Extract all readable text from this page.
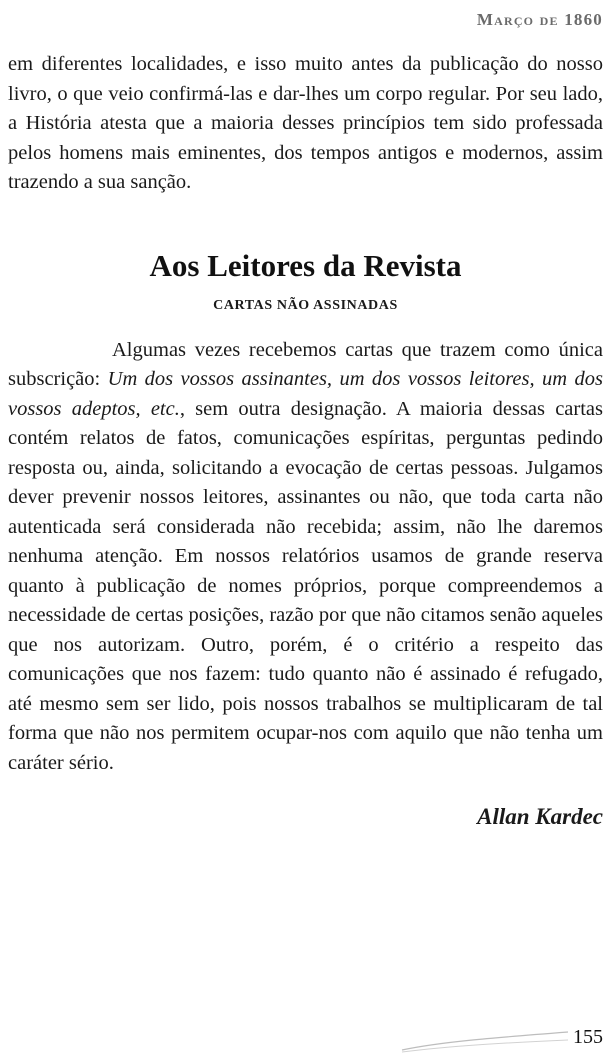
Março de 1860

em diferentes localidades, e isso muito antes da publicação do nosso livro, o que veio confirmá-las e dar-lhes um corpo regular. Por seu lado, a História atesta que a maioria desses princípios tem sido professada pelos homens mais eminentes, dos tempos antigos e modernos, assim trazendo a sua sanção.

Aos Leitores da Revista
CARTAS NÃO ASSINADAS

Algumas vezes recebemos cartas que trazem como única subscrição: Um dos vossos assinantes, um dos vossos leitores, um dos vossos adeptos, etc., sem outra designação. A maioria dessas cartas contém relatos de fatos, comunicações espíritas, perguntas pedindo resposta ou, ainda, solicitando a evocação de certas pessoas. Julgamos dever prevenir nossos leitores, assinantes ou não, que toda carta não autenticada será considerada não recebida; assim, não lhe daremos nenhuma atenção. Em nossos relatórios usamos de grande reserva quanto à publicação de nomes próprios, porque compreendemos a necessidade de certas posições, razão por que não citamos senão aqueles que nos autorizam. Outro, porém, é o critério a respeito das comunicações que nos fazem: tudo quanto não é assinado é refugado, até mesmo sem ser lido, pois nossos trabalhos se multiplicaram de tal forma que não nos permitem ocupar-nos com aquilo que não tenha um caráter sério.

Allan Kardec
155
